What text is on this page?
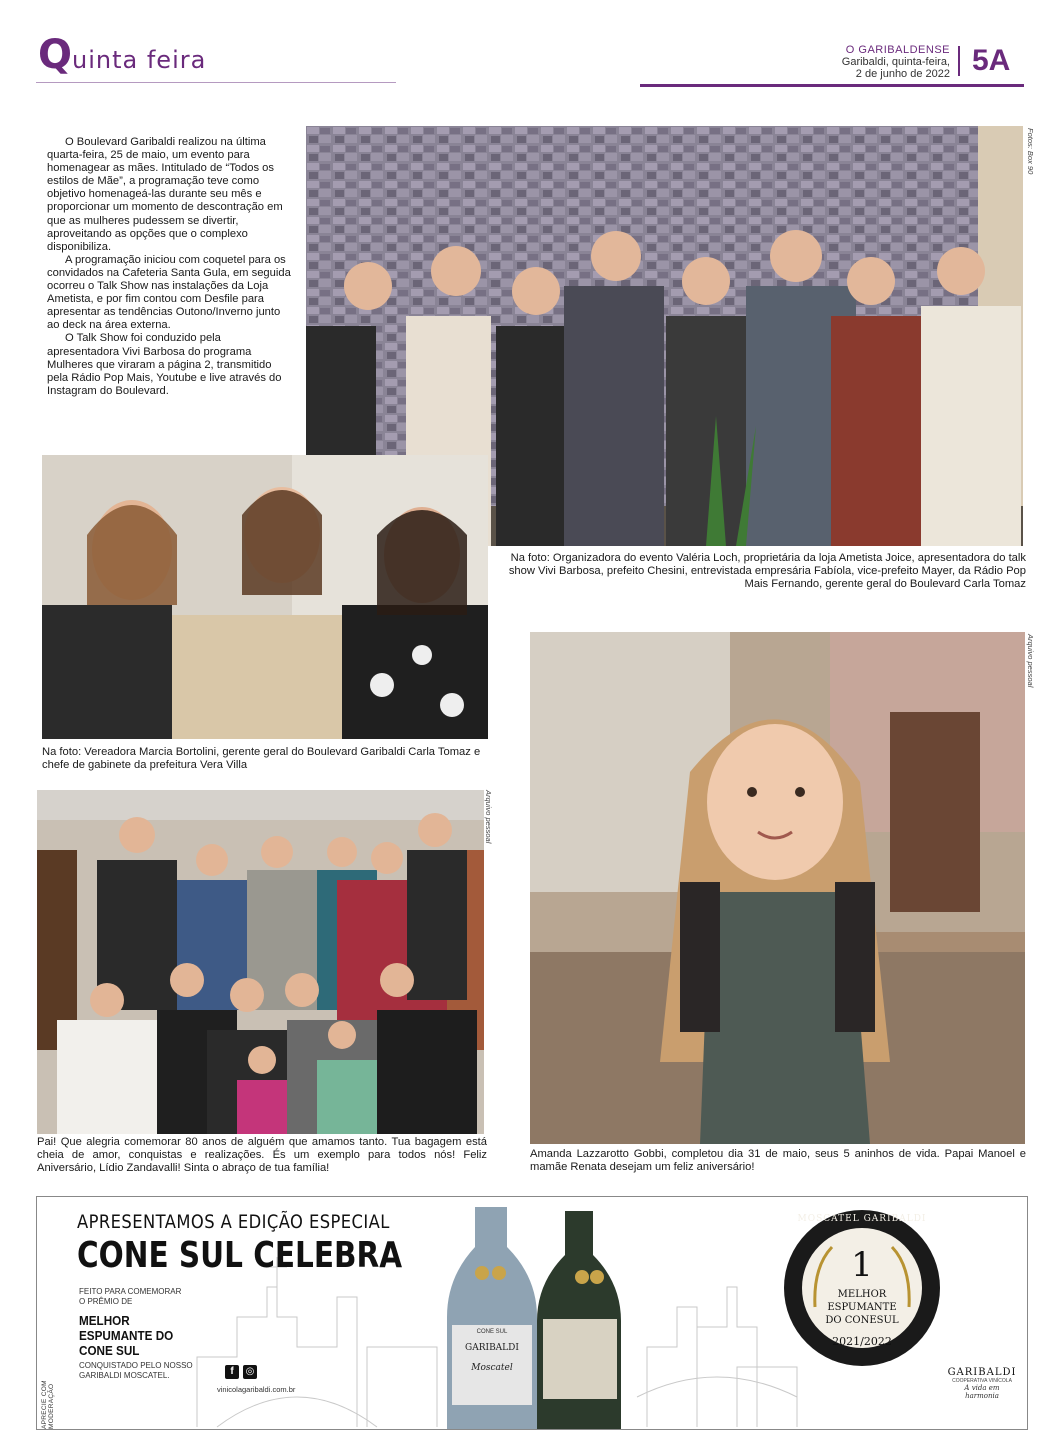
Quinta feira	O GARIBALDENSE
Garibaldi, quinta-feira,
2 de junho de 2022 5A

O Boulevard Garibaldi realizou na última quarta-feira, 25 de maio, um evento para homenagear as mães. Intitulado de “Todos os estilos de Mãe”, a programação teve como objetivo homenageá-las durante seu mês e proporcionar um momento de descontração em que as mulheres pudessem se divertir, aproveitando as opções que o complexo disponibiliza.

A programação iniciou com coquetel para os convidados na Cafeteria Santa Gula, em seguida ocorreu o Talk Show nas instalações da Loja Ametista, e por fim contou com Desfile para apresentar as tendências Outono/Inverno junto ao deck na área externa.

O Talk Show foi conduzido pela apresentadora Vivi Barbosa do programa Mulheres que viraram a página 2, transmitido pela Rádio Pop Mais, Youtube e live através do Instagram do Boulevard.

Fotos: Box 90
Na foto: Organizadora do evento Valéria Loch, proprietária da loja Ametista Joice, apresentadora do talk show Vivi Barbosa, prefeito Chesini, entrevistada empresária Fabíola, vice-prefeito Mayer, da Rádio Pop Mais Fernando, gerente geral do Boulevard Carla Tomaz
Na foto: Vereadora Marcia Bortolini, gerente geral do Boulevard Garibaldi Carla Tomaz e chefe de gabinete da prefeitura Vera Villa
Arquivo pessoal
Pai! Que alegria comemorar 80 anos de alguém que amamos tanto. Tua bagagem está cheia de amor, conquistas e realizações. És um exemplo para todos nós! Feliz Aniversário, Lídio Zandavalli! Sinta o abraço de tua família!
Arquivo pessoal
Amanda Lazzarotto Gobbi, completou dia 31 de maio, seus 5 aninhos de vida. Papai Manoel e mamãe Renata desejam um feliz aniversário!
APRECIE COM MODERAÇÃO
APRESENTAMOS A EDIÇÃO ESPECIAL
CONE SUL CELEBRA
FEITO PARA COMEMORAR O PRÊMIO DE
MELHOR ESPUMANTE DO CONE SUL
CONQUISTADO PELO NOSSO GARIBALDI MOSCATEL.	f	◎
vinicolagaribaldi.com.br
CONE SUL
GARIBALDI
Moscatel
MOSCATEL GARIBALDI
1
MELHOR
ESPUMANTE
DO CONESUL
2021/2022
GARIBALDI
COOPERATIVA VINÍCOLA
A vida em harmonia
